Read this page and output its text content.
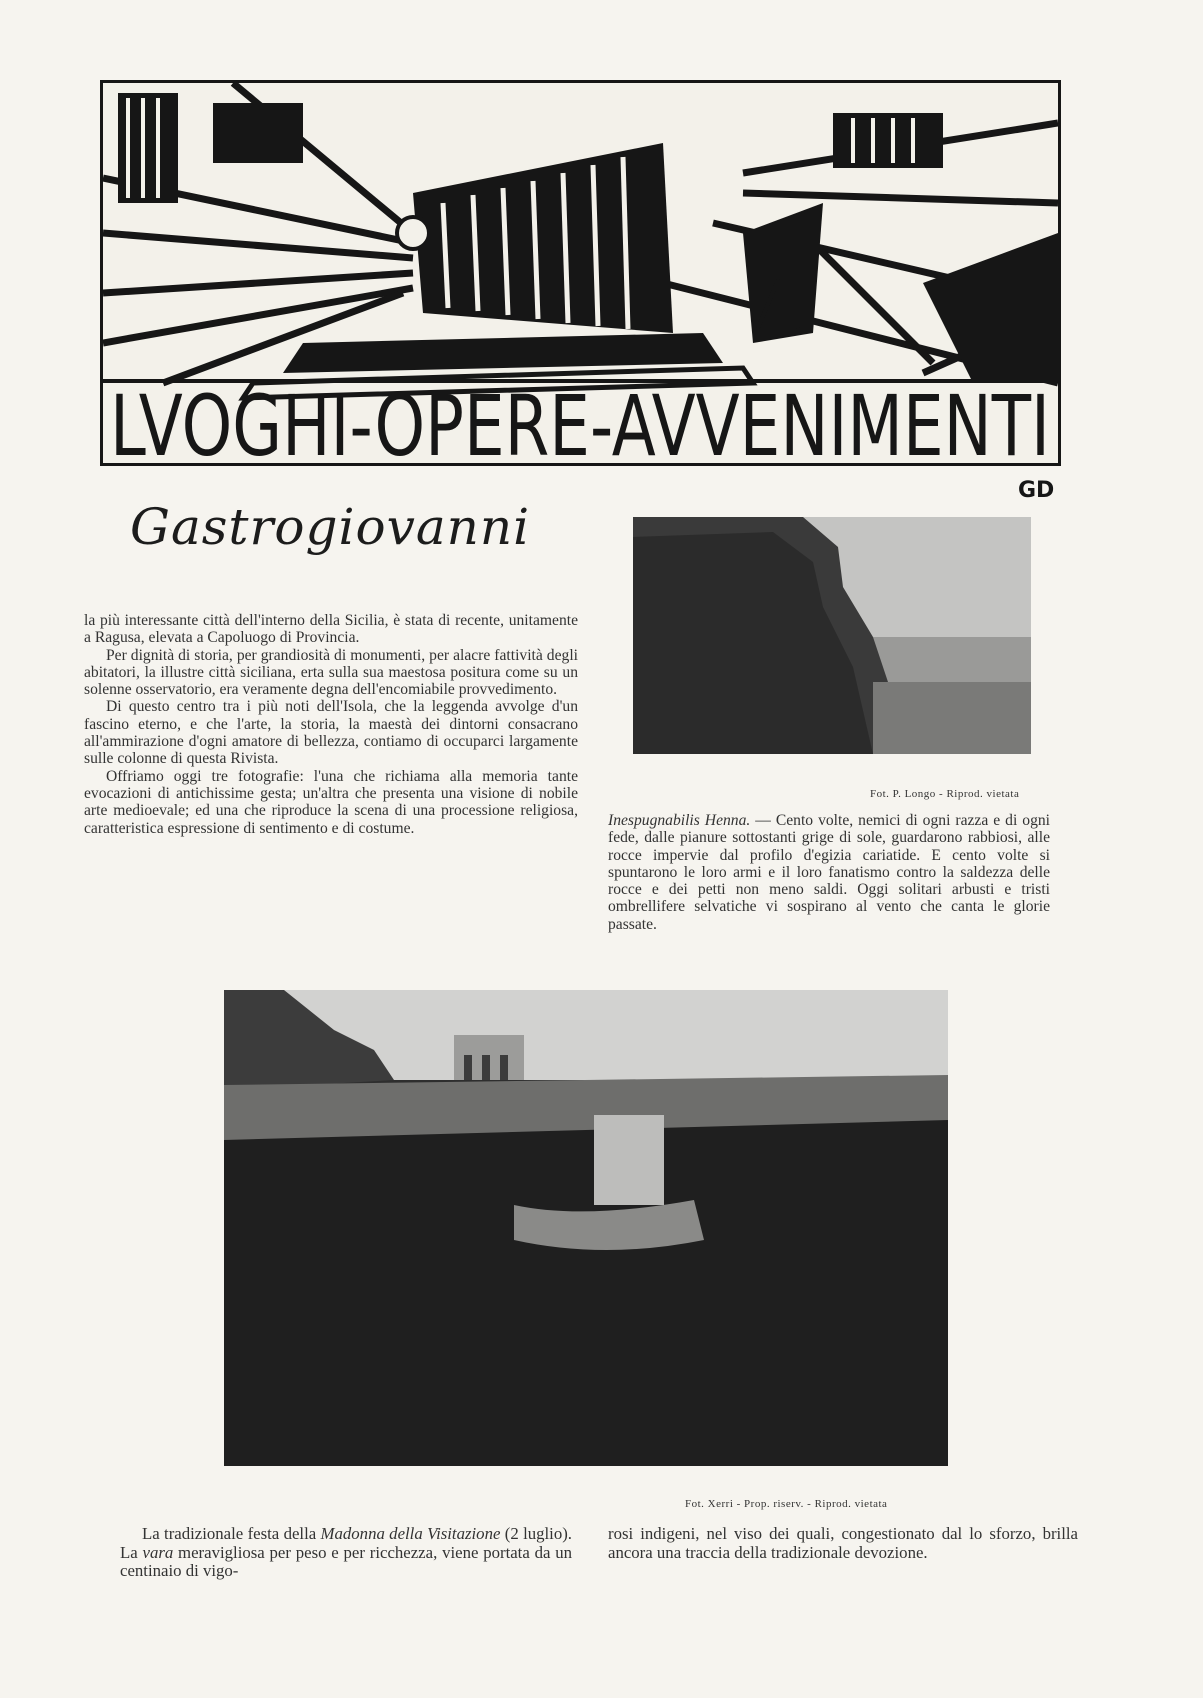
LVOGHI-OPERE-AVVENIMENTI
GD
Gastrogiovanni

la più interessante città dell'interno della Sicilia, è stata di recente, unitamente a Ragusa, elevata a Capoluogo di Provincia.

Per dignità di storia, per grandiosità di monumenti, per alacre fattività degli abitatori, la illustre città siciliana, erta sulla sua maestosa positura come su un solenne osservatorio, era veramente degna dell'encomiabile provvedimento.

Di questo centro tra i più noti dell'Isola, che la leggenda avvolge d'un fascino eterno, e che l'arte, la storia, la maestà dei dintorni consacrano all'ammirazione d'ogni amatore di bellezza, contiamo di occuparci largamente sulle colonne di questa Rivista.

Offriamo oggi tre fotografie: l'una che richiama alla memoria tante evocazioni di antichissime gesta; un'altra che presenta una visione di nobile arte medioevale; ed una che riproduce la scena di una processione religiosa, caratteristica espressione di sentimento e di costume.

Fot. P. Longo - Riprod. vietata

Inespugnabilis Henna. — Cento volte, nemici di ogni razza e di ogni fede, dalle pianure sottostanti grige di sole, guardarono rabbiosi, alle rocce impervie dal profilo d'egizia cariatide. E cento volte si spuntarono le loro armi e il loro fanatismo contro la saldezza delle rocce e dei petti non meno saldi. Oggi solitari arbusti e tristi ombrellifere selvatiche vi sospirano al vento che canta le glorie passate.

Fot. Xerri - Prop. riserv. - Riprod. vietata

La tradizionale festa della Madonna della Visitazione (2 luglio). La vara meravigliosa per peso e per ricchezza, viene portata da un centinaio di vigo-

rosi indigeni, nel viso dei quali, congestionato dal lo sforzo, brilla ancora una traccia della tradizionale devozione.
